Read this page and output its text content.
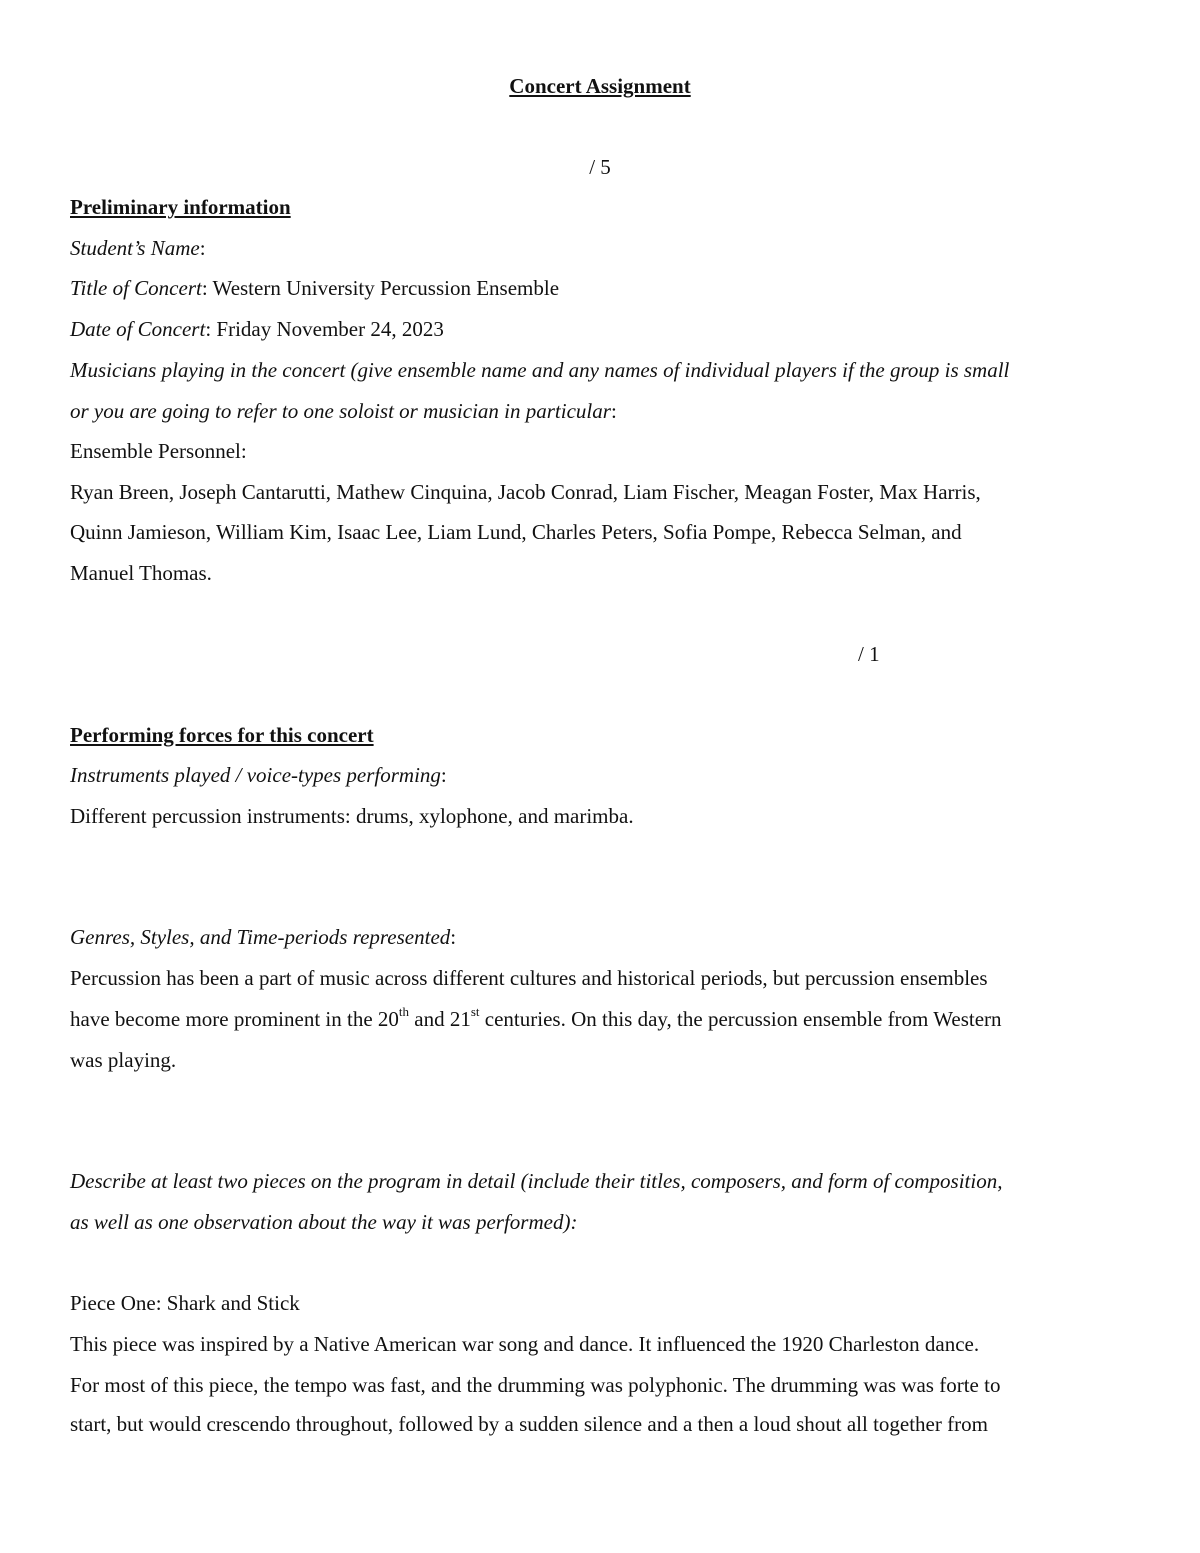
Concert Assignment
/ 5
Preliminary information
Student’s Name:
Title of Concert: Western University Percussion Ensemble
Date of Concert: Friday November 24, 2023
Musicians playing in the concert (give ensemble name and any names of individual players if the group is small
or you are going to refer to one soloist or musician in particular:
Ensemble Personnel:
Ryan Breen, Joseph Cantarutti, Mathew Cinquina, Jacob Conrad, Liam Fischer, Meagan Foster, Max Harris,
Quinn Jamieson, William Kim, Isaac Lee, Liam Lund, Charles Peters, Sofia Pompe, Rebecca Selman, and
Manuel Thomas.
/ 1
Performing forces for this concert
Instruments played / voice-types performing:
Different percussion instruments: drums, xylophone, and marimba.
Genres, Styles, and Time-periods represented:
Percussion has been a part of music across different cultures and historical periods, but percussion ensembles
have become more prominent in the 20th and 21st centuries. On this day, the percussion ensemble from Western
was playing.
Describe at least two pieces on the program in detail (include their titles, composers, and form of composition,
as well as one observation about the way it was performed):
Piece One: Shark and Stick
This piece was inspired by a Native American war song and dance. It influenced the 1920 Charleston dance.
For most of this piece, the tempo was fast, and the drumming was polyphonic. The drumming was was forte to
start, but would crescendo throughout, followed by a sudden silence and a then a loud shout all together from
